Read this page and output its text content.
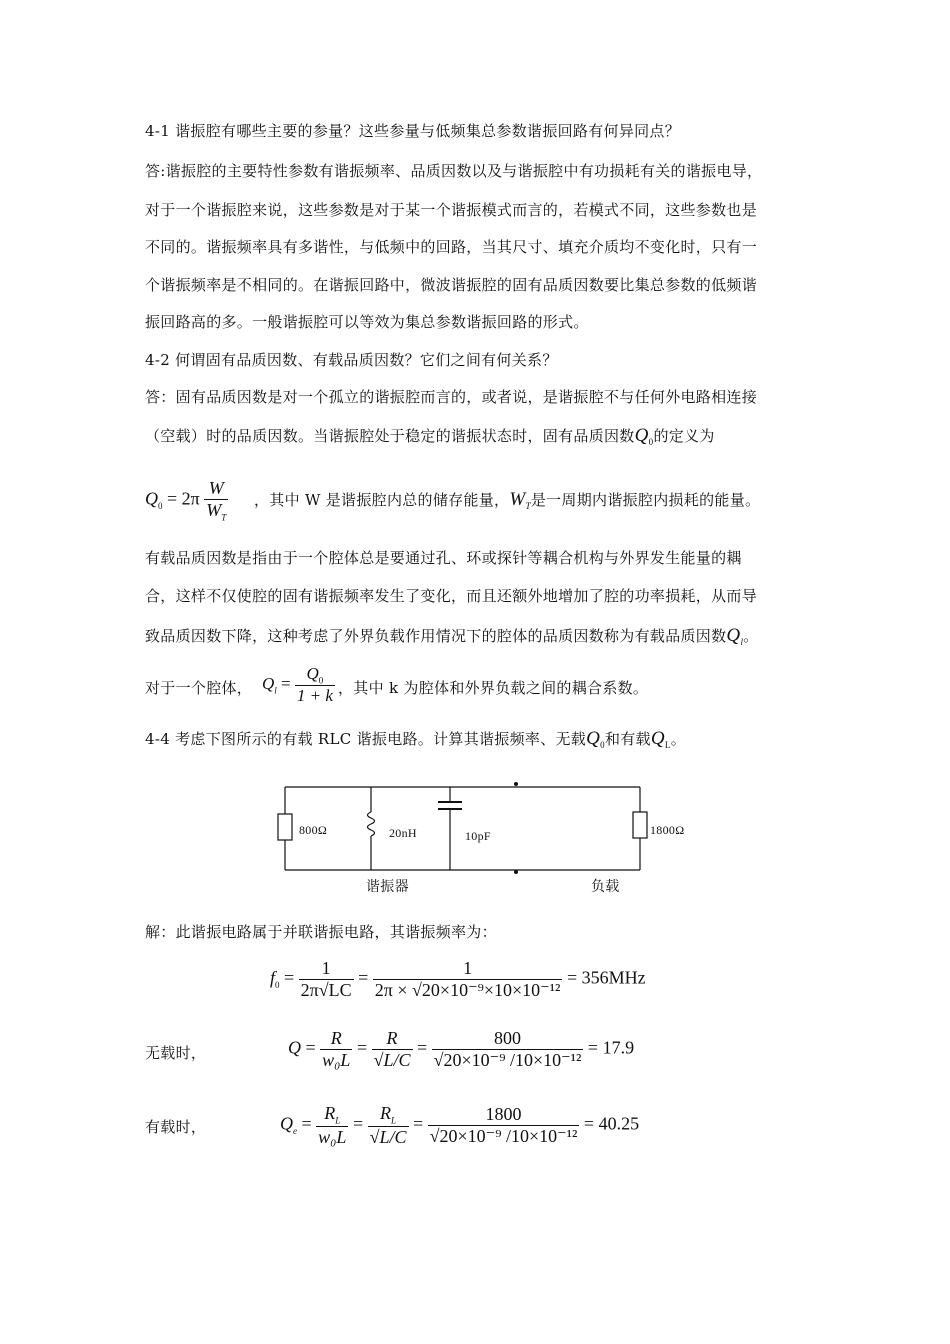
4-1 谐振腔有哪些主要的参量？这些参量与低频集总参数谐振回路有何异同点？
答:谐振腔的主要特性参数有谐振频率、品质因数以及与谐振腔中有功损耗有关的谐振电导，
对于一个谐振腔来说，这些参数是对于某一个谐振模式而言的，若模式不同，这些参数也是
不同的。谐振频率具有多谐性，与低频中的回路，当其尺寸、填充介质均不变化时，只有一
个谐振频率是不相同的。在谐振回路中，微波谐振腔的固有品质因数要比集总参数的低频谐
振回路高的多。一般谐振腔可以等效为集总参数谐振回路的形式。
4-2 何谓固有品质因数、有载品质因数？它们之间有何关系？
答：固有品质因数是对一个孤立的谐振腔而言的，或者说，是谐振腔不与任何外电路相连接
（空载）时的品质因数。当谐振腔处于稳定的谐振状态时，固有品质因数$Q_0$的定义为
$Q_0 = 2\pi \frac{W}{W_T}$ ，其中 W 是谐振腔内总的储存能量，$W_T$是一周期内谐振腔内损耗的能量。
有载品质因数是指由于一个腔体总是要通过孔、环或探针等耦合机构与外界发生能量的耦
合，这样不仅使腔的固有谐振频率发生了变化，而且还额外地增加了腔的功率损耗，从而导
致品质因数下降，这种考虑了外界负载作用情况下的腔体的品质因数称为有载品质因数$Q_l$。
对于一个腔体， $Q_l = \frac{Q_0}{1 + k}$ ，其中 k 为腔体和外界负载之间的耦合系数。
4-4 考虑下图所示的有载 RLC 谐振电路。计算其谐振频率、无载$Q_0$和有载$Q_L$。
800Ω	20nH	10pF	1800Ω
谐振器	负载
解：此谐振电路属于并联谐振电路，其谐振频率为：
$f_0 = \frac{1}{2\pi√LC} = \frac{1}{\text{2π × √20×10⁻⁹×10×10⁻¹²}} = 356MHz$
无载时，	$Q = \frac{R}{\text{w₀L}} = \frac{R}{√L/C} = \frac{800}{\text{√20×10⁻⁹ /10×10⁻¹²}} = 17.9$
有载时，	$Q_e = \frac{R_L}{\text{w₀L}} = \frac{R_L}{√L/C} = \frac{1800}{\text{√20×10⁻⁹ /10×10⁻¹²}} = 40.25$
